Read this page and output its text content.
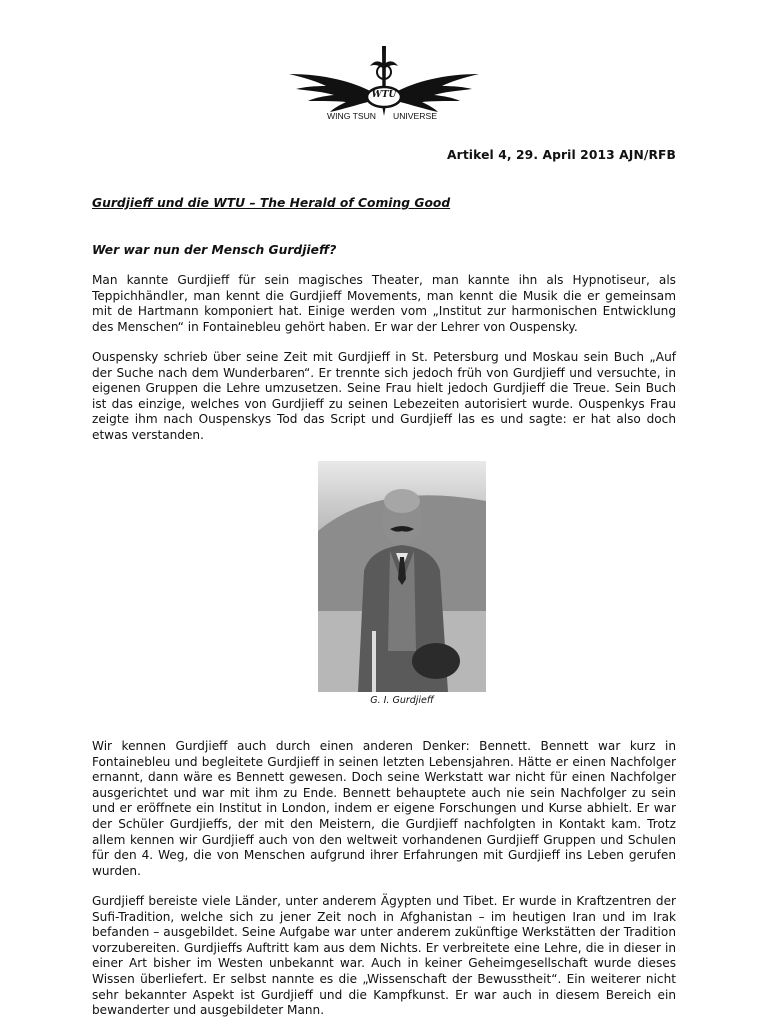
WTU
WING TSUN UNIVERSE
Artikel 4, 29. April 2013 AJN/RFB
Gurdjieff und die WTU – The Herald of Coming Good
Wer war nun der Mensch Gurdjieff?

Man kannte Gurdjieff für sein magisches Theater, man kannte ihn als Hypnotiseur, als Teppichhändler, man kennt die Gurdjieff Movements, man kennt die Musik die er gemeinsam mit de Hartmann komponiert hat. Einige werden vom „Institut zur harmonischen Entwicklung des Menschen“ in Fontainebleu gehört haben. Er war der Lehrer von Ouspensky.

Ouspensky schrieb über seine Zeit mit Gurdjieff in St. Petersburg und Moskau sein Buch „Auf der Suche nach dem Wunderbaren“. Er trennte sich jedoch früh von Gurdjieff und versuchte, in eigenen Gruppen die Lehre umzusetzen. Seine Frau hielt jedoch Gurdjieff die Treue. Sein Buch ist das einzige, welches von Gurdjieff zu seinen Lebezeiten autorisiert wurde. Ouspenkys Frau zeigte ihm nach Ouspenskys Tod das Script und Gurdjieff las es und sagte: er hat also doch etwas verstanden.

G. I. Gurdjieff

Wir kennen Gurdjieff auch durch einen anderen Denker: Bennett. Bennett war kurz in Fontainebleu und begleitete Gurdjieff in seinen letzten Lebensjahren. Hätte er einen Nachfolger ernannt, dann wäre es Bennett gewesen. Doch seine Werkstatt war nicht für einen Nachfolger ausgerichtet und war mit ihm zu Ende. Bennett behauptete auch nie sein Nachfolger zu sein und er eröffnete ein Institut in London, indem er eigene Forschungen und Kurse abhielt. Er war der Schüler Gurdjieffs, der mit den Meistern, die Gurdjieff nachfolgten in Kontakt kam. Trotz allem kennen wir Gurdjieff auch von den weltweit vorhandenen Gurdjieff Gruppen und Schulen für den 4. Weg, die von Menschen aufgrund ihrer Erfahrungen mit Gurdjieff ins Leben gerufen wurden.

Gurdjieff bereiste viele Länder, unter anderem Ägypten und Tibet. Er wurde in Kraftzentren der Sufi-Tradition, welche sich zu jener Zeit noch in Afghanistan – im heutigen Iran und im Irak befanden – ausgebildet. Seine Aufgabe war unter anderem zukünftige Werkstätten der Tradition vorzubereiten. Gurdjieffs Auftritt kam aus dem Nichts. Er verbreitete eine Lehre, die in dieser in einer Art bisher im Westen unbekannt war. Auch in keiner Geheimgesellschaft wurde dieses Wissen überliefert. Er selbst nannte es die „Wissenschaft der Bewusstheit“. Ein weiterer nicht sehr bekannter Aspekt ist Gurdjieff und die Kampfkunst. Er war auch in diesem Bereich ein bewanderter und ausgebildeter Mann.
